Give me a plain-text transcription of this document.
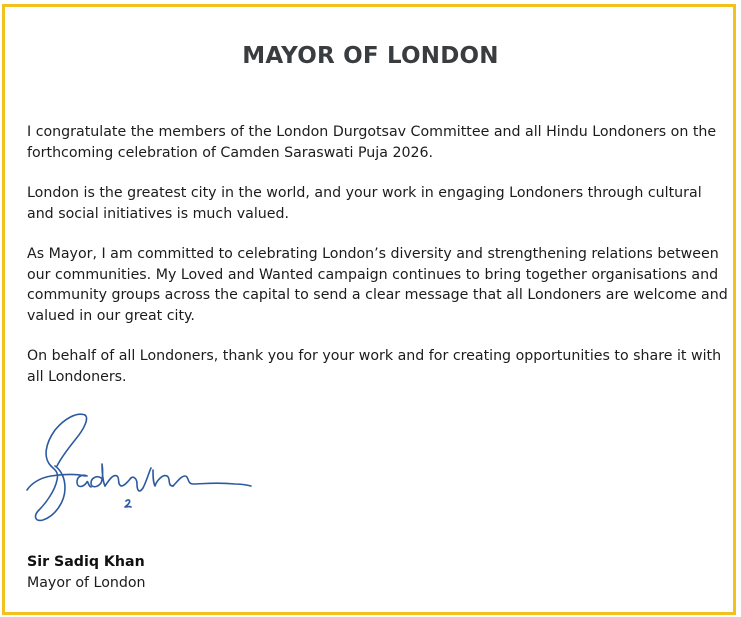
MAYOR OF LONDON

I congratulate the members of the London Durgotsav Committee and all Hindu Londoners on the
forthcoming celebration of Camden Saraswati Puja 2026.

London is the greatest city in the world, and your work in engaging Londoners through cultural
and social initiatives is much valued.

As Mayor, I am committed to celebrating London’s diversity and strengthening relations between
our communities. My Loved and Wanted campaign continues to bring together organisations and
community groups across the capital to send a clear message that all Londoners are welcome and
valued in our great city.

On behalf of all Londoners, thank you for your work and for creating opportunities to share it with
all Londoners.

Sir Sadiq Khan
Mayor of London
